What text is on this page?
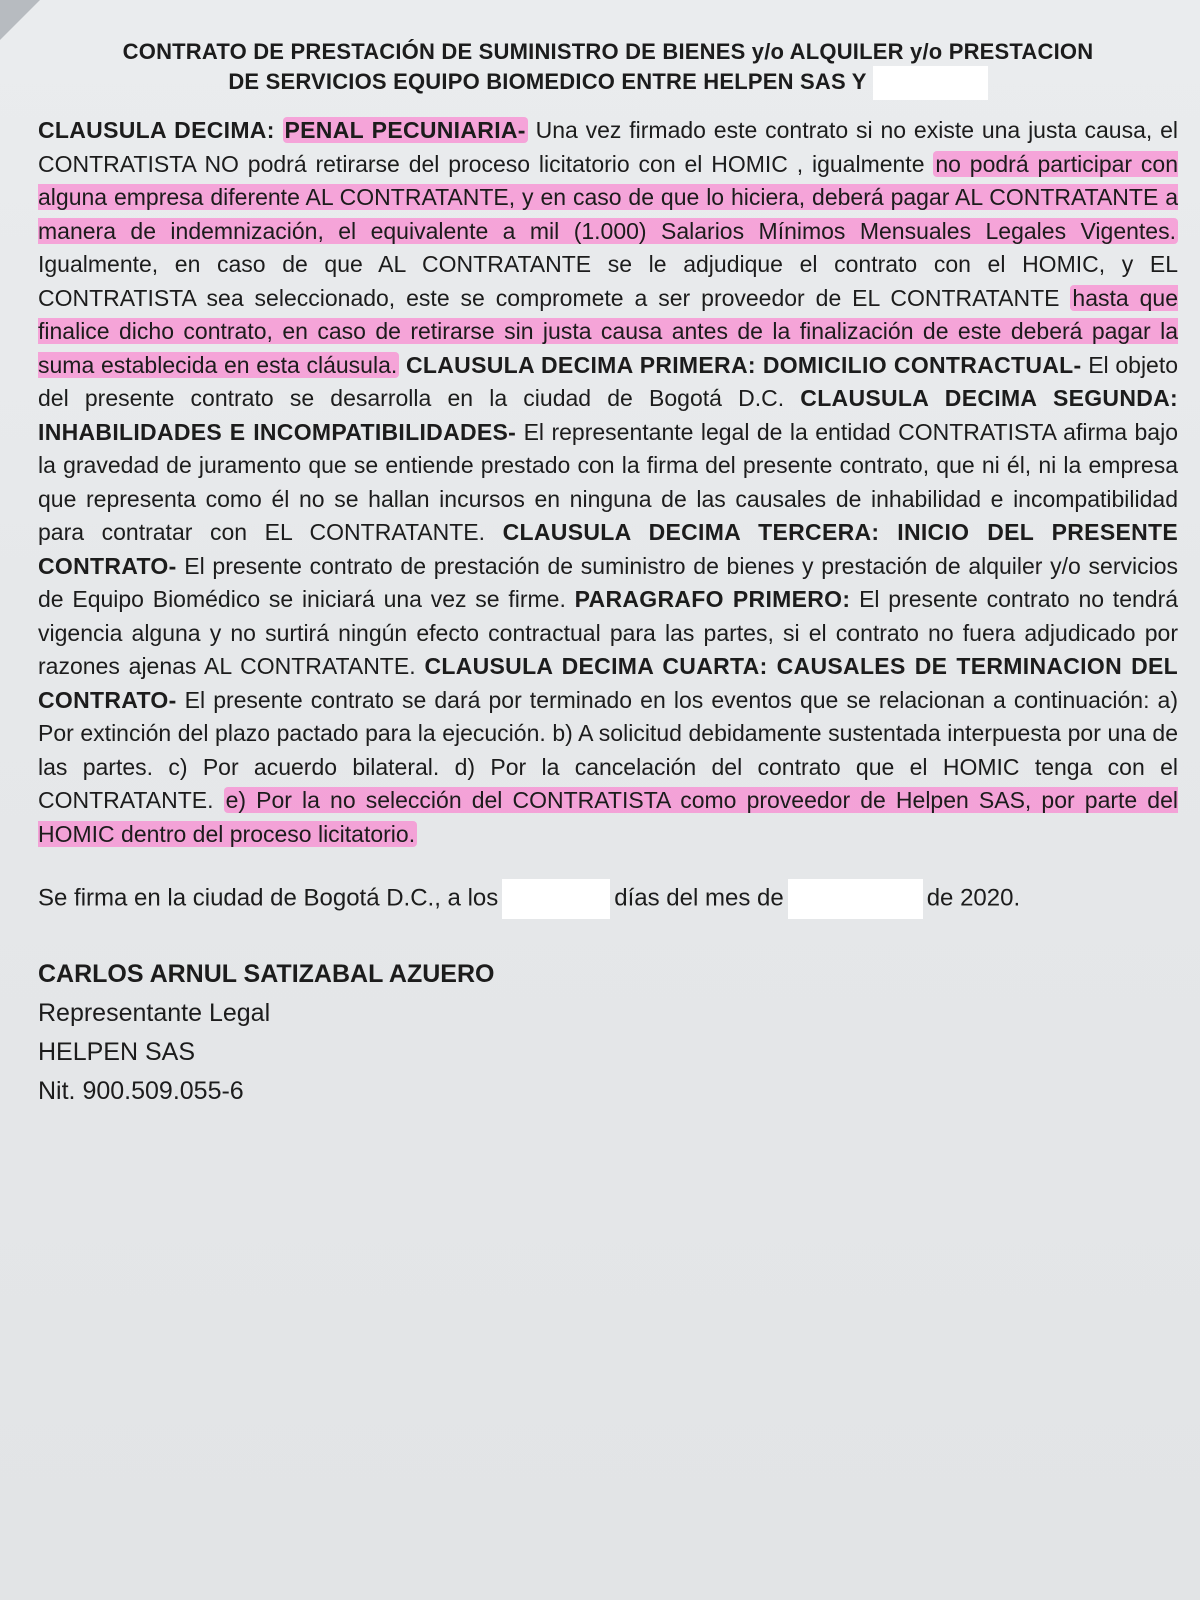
CONTRATO DE PRESTACIÓN DE SUMINISTRO DE BIENES y/o ALQUILER y/o PRESTACION
DE SERVICIOS EQUIPO BIOMEDICO ENTRE HELPEN SAS Y

CLAUSULA DECIMA: PENAL PECUNIARIA- Una vez firmado este contrato si no existe una justa causa, el CONTRATISTA NO podrá retirarse del proceso licitatorio con el HOMIC , igualmente no podrá participar con alguna empresa diferente AL CONTRATANTE, y en caso de que lo hiciera, deberá pagar AL CONTRATANTE a manera de indemnización, el equivalente a mil (1.000) Salarios Mínimos Mensuales Legales Vigentes. Igualmente, en caso de que AL CONTRATANTE se le adjudique el contrato con el HOMIC, y EL CONTRATISTA sea seleccionado, este se compromete a ser proveedor de EL CONTRATANTE hasta que finalice dicho contrato, en caso de retirarse sin justa causa antes de la finalización de este deberá pagar la suma establecida en esta cláusula. CLAUSULA DECIMA PRIMERA: DOMICILIO CONTRACTUAL- El objeto del presente contrato se desarrolla en la ciudad de Bogotá D.C. CLAUSULA DECIMA SEGUNDA: INHABILIDADES E INCOMPATIBILIDADES- El representante legal de la entidad CONTRATISTA afirma bajo la gravedad de juramento que se entiende prestado con la firma del presente contrato, que ni él, ni la empresa que representa como él no se hallan incursos en ninguna de las causales de inhabilidad e incompatibilidad para contratar con EL CONTRATANTE. CLAUSULA DECIMA TERCERA: INICIO DEL PRESENTE CONTRATO- El presente contrato de prestación de suministro de bienes y prestación de alquiler y/o servicios de Equipo Biomédico se iniciará una vez se firme. PARAGRAFO PRIMERO: El presente contrato no tendrá vigencia alguna y no surtirá ningún efecto contractual para las partes, si el contrato no fuera adjudicado por razones ajenas AL CONTRATANTE. CLAUSULA DECIMA CUARTA: CAUSALES DE TERMINACION DEL CONTRATO- El presente contrato se dará por terminado en los eventos que se relacionan a continuación: a) Por extinción del plazo pactado para la ejecución. b) A solicitud debidamente sustentada interpuesta por una de las partes. c) Por acuerdo bilateral. d) Por la cancelación del contrato que el HOMIC tenga con el CONTRATANTE. e) Por la no selección del CONTRATISTA como proveedor de Helpen SAS, por parte del HOMIC dentro del proceso licitatorio.

Se firma en la ciudad de Bogotá D.C., a los	días del mes de	de 2020.

CARLOS ARNUL SATIZABAL AZUERO
Representante Legal
HELPEN SAS
Nit. 900.509.055-6
